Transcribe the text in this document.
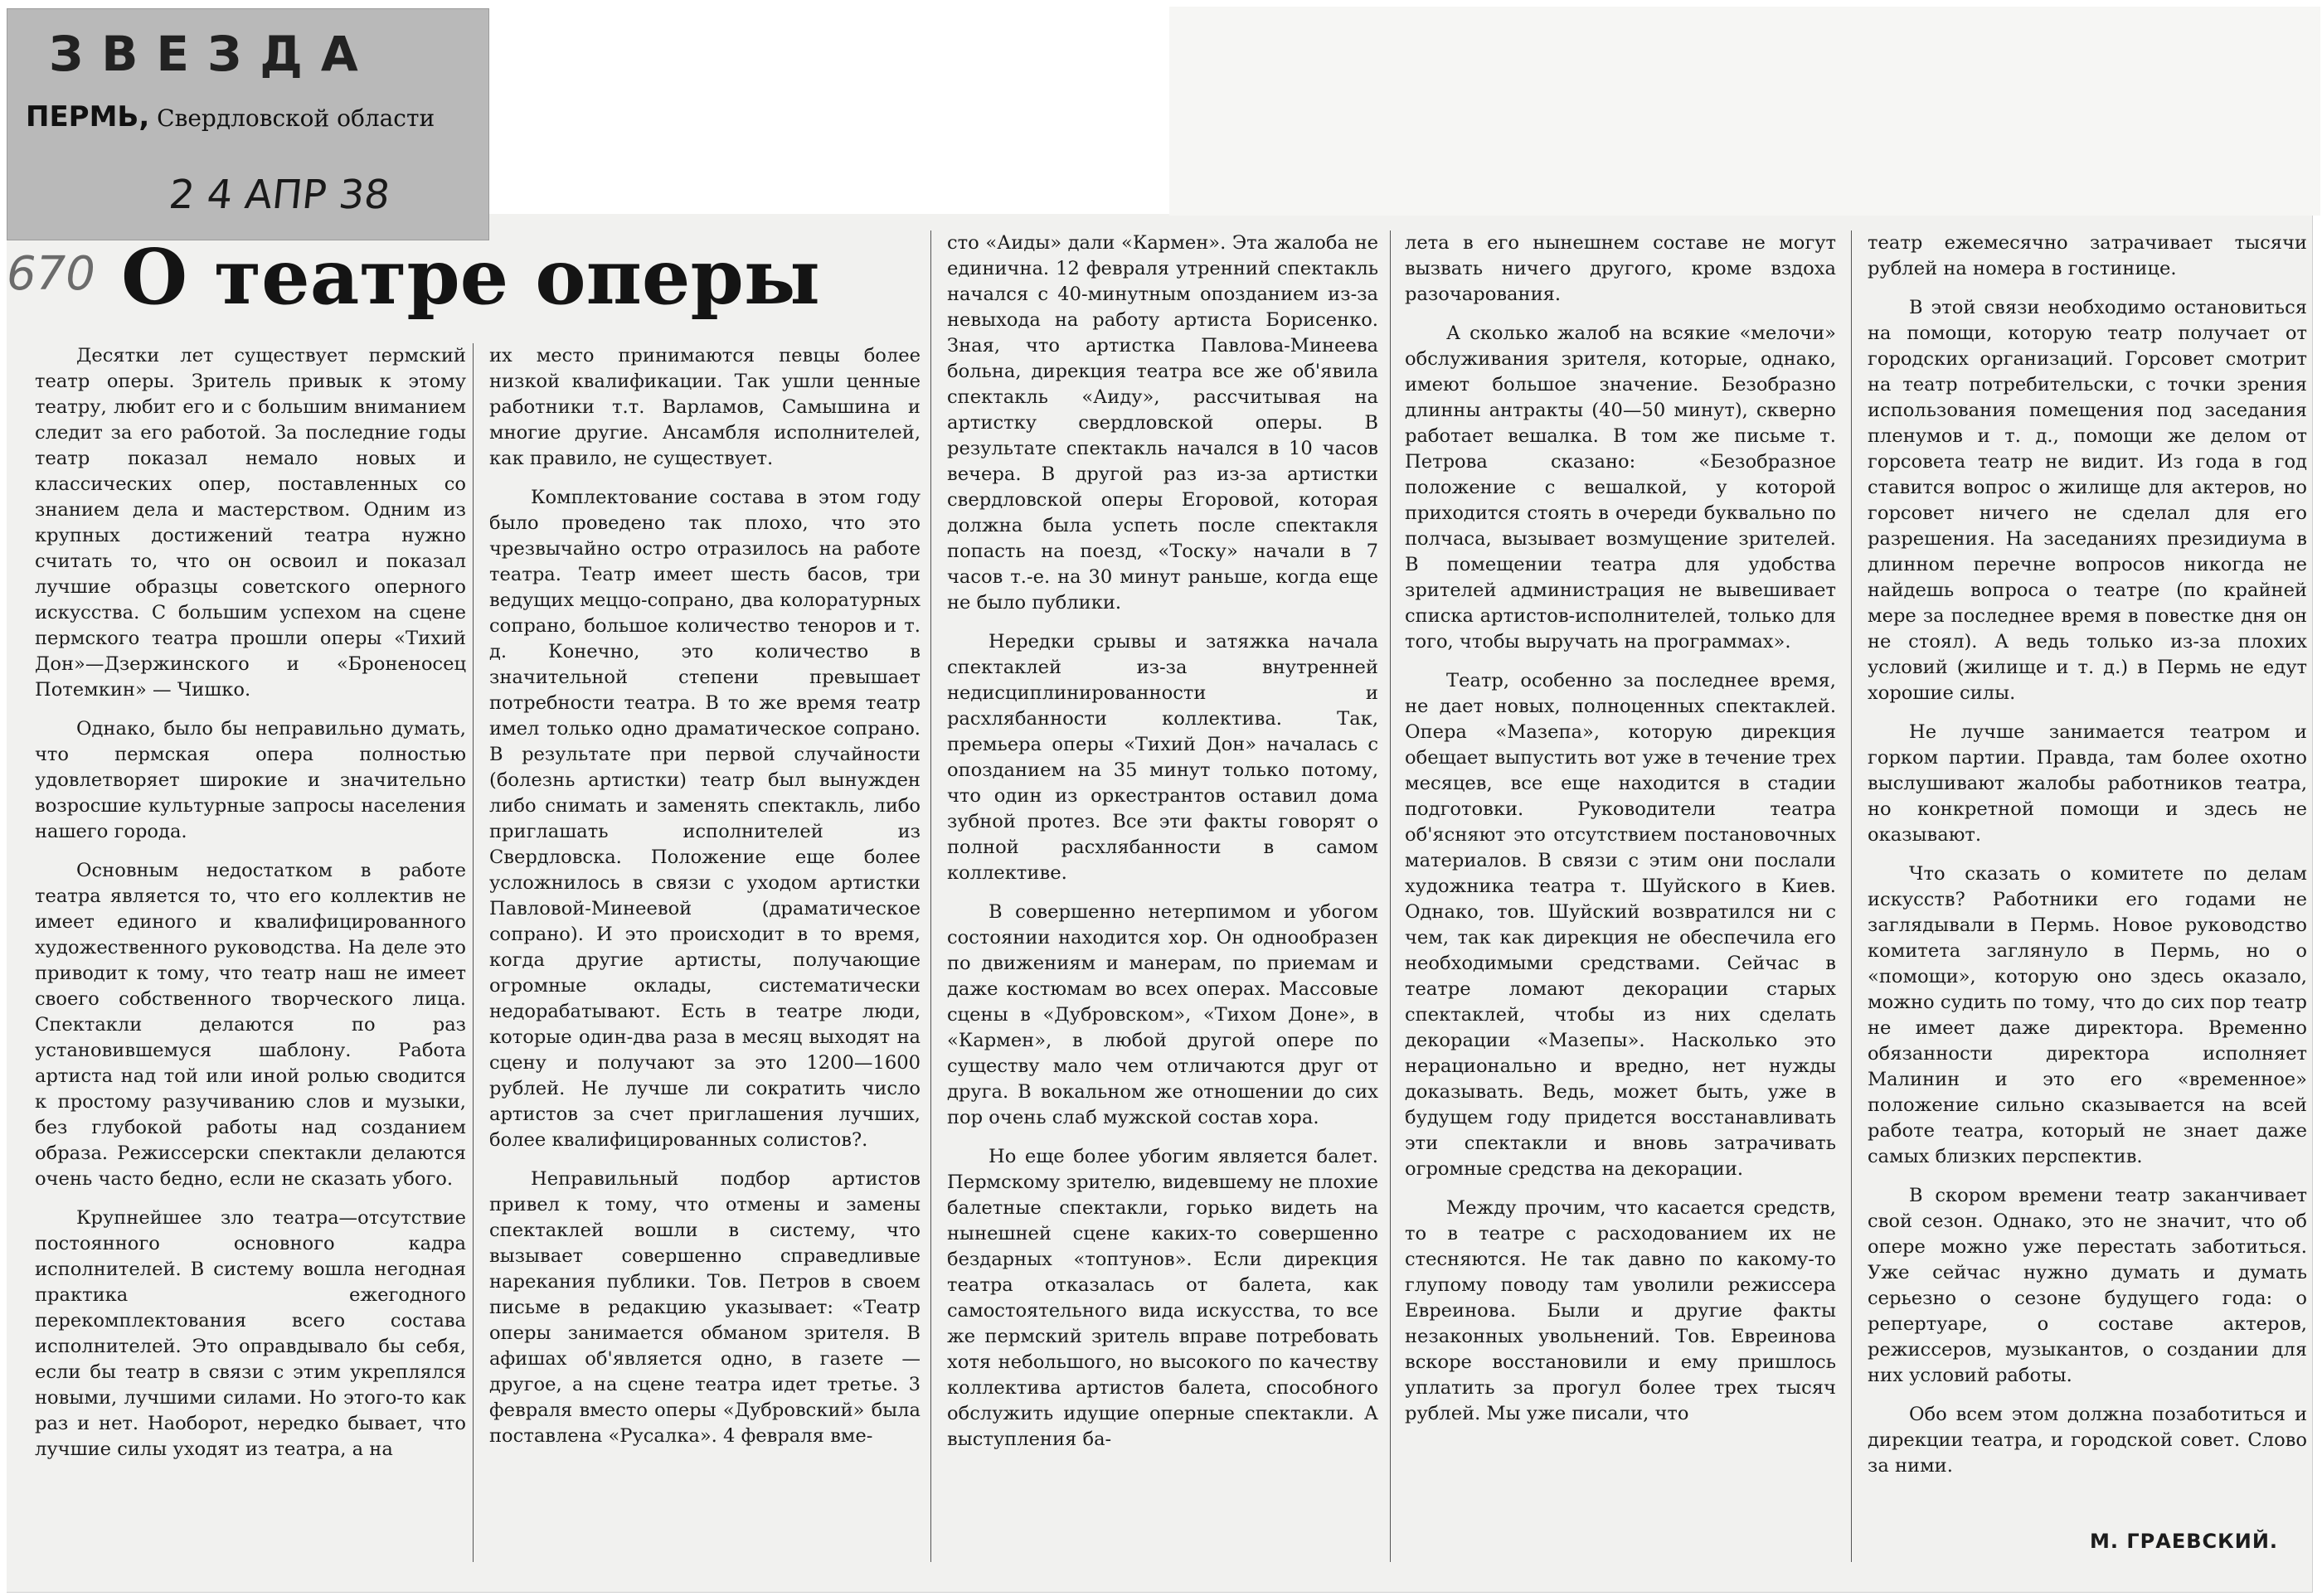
ЗВЕЗДА
ПЕРМЬ, Свердловской области
2 4 АПР 38
670 О театре оперы

Десятки лет существует пермский театр оперы. Зритель привык к этому театру, любит его и с большим вниманием следит за его работой. За последние годы театр показал немало новых и классических опер, поставленных со знанием дела и мастерством. Одним из крупных достижений театра нужно считать то, что он освоил и показал лучшие образцы советского оперного искусства. С большим успехом на сцене пермского театра прошли оперы «Тихий Дон»—Дзержинского и «Броненосец Потемкин» — Чишко.

Однако, было бы неправильно думать, что пермская опера полностью удовлетворяет широкие и значительно возросшие культурные запросы населения нашего города.

Основным недостатком в работе театра является то, что его коллектив не имеет единого и квалифицированного художественного руководства. На деле это приводит к тому, что театр наш не имеет своего собственного творческого лица. Спектакли делаются по раз установившемуся шаблону. Работа артиста над той или иной ролью сводится к простому разучиванию слов и музыки, без глубокой работы над созданием образа. Режиссерски спектакли делаются очень часто бедно, если не сказать убого.

Крупнейшее зло театра—отсутствие постоянного основного кадра исполнителей. В систему вошла негодная практика ежегодного перекомплектования всего состава исполнителей. Это оправдывало бы себя, если бы театр в связи с этим укреплялся новыми, лучшими силами. Но этого-то как раз и нет. Наоборот, нередко бывает, что лучшие силы уходят из театра, а на

их место принимаются певцы более низкой квалификации. Так ушли ценные работники т.т. Варламов, Самышина и многие другие. Ансамбля исполнителей, как правило, не существует.

Комплектование состава в этом году было проведено так плохо, что это чрезвычайно остро отразилось на работе театра. Театр имеет шесть басов, три ведущих меццо-сопрано, два колоратурных сопрано, большое количество теноров и т. д. Конечно, это количество в значительной степени превышает потребности театра. В то же время театр имел только одно драматическое сопрано. В результате при первой случайности (болезнь артистки) театр был вынужден либо снимать и заменять спектакль, либо приглашать исполнителей из Свердловска. Положение еще более усложнилось в связи с уходом артистки Павловой-Минеевой (драматическое сопрано). И это происходит в то время, когда другие артисты, получающие огромные оклады, систематически недорабатывают. Есть в театре люди, которые один-два раза в месяц выходят на сцену и получают за это 1200—1600 рублей. Не лучше ли сократить число артистов за счет приглашения лучших, более квалифицированных солистов?.

Неправильный подбор артистов привел к тому, что отмены и замены спектаклей вошли в систему, что вызывает совершенно справедливые нарекания публики. Тов. Петров в своем письме в редакцию указывает: «Театр оперы занимается обманом зрителя. В афишах об'является одно, в газете — другое, а на сцене театра идет третье. 3 февраля вместо оперы «Дубровский» была поставлена «Русалка». 4 февраля вме-

сто «Аиды» дали «Кармен». Эта жалоба не единична. 12 февраля утренний спектакль начался с 40-минутным опозданием из-за невыхода на работу артиста Борисенко. Зная, что артистка Павлова-Минеева больна, дирекция театра все же об'явила спектакль «Аиду», рассчитывая на артистку свердловской оперы. В результате спектакль начался в 10 часов вечера. В другой раз из-за артистки свердловской оперы Егоровой, которая должна была успеть после спектакля попасть на поезд, «Тоску» начали в 7 часов т.-е. на 30 минут раньше, когда еще не было публики.

Нередки срывы и затяжка начала спектаклей из-за внутренней недисциплинированности и расхлябанности коллектива. Так, премьера оперы «Тихий Дон» началась с опозданием на 35 минут только потому, что один из оркестрантов оставил дома зубной протез. Все эти факты говорят о полной расхлябанности в самом коллективе.

В совершенно нетерпимом и убогом состоянии находится хор. Он однообразен по движениям и манерам, по приемам и даже костюмам во всех операх. Массовые сцены в «Дубровском», «Тихом Доне», в «Кармен», в любой другой опере по существу мало чем отличаются друг от друга. В вокальном же отношении до сих пор очень слаб мужской состав хора.

Но еще более убогим является балет. Пермскому зрителю, видевшему не плохие балетные спектакли, горько видеть на нынешней сцене каких-то совершенно бездарных «топтунов». Если дирекция театра отказалась от балета, как самостоятельного вида искусства, то все же пермский зритель вправе потребовать хотя небольшого, но высокого по качеству коллектива артистов балета, способного обслужить идущие оперные спектакли. А выступления ба-

лета в его нынешнем составе не могут вызвать ничего другого, кроме вздоха разочарования.

А сколько жалоб на всякие «мелочи» обслуживания зрителя, которые, однако, имеют большое значение. Безобразно длинны антракты (40—50 минут), скверно работает вешалка. В том же письме т. Петрова сказано: «Безобразное положение с вешалкой, у которой приходится стоять в очереди буквально по полчаса, вызывает возмущение зрителей. В помещении театра для удобства зрителей администрация не вывешивает списка артистов-исполнителей, только для того, чтобы выручать на программах».

Театр, особенно за последнее время, не дает новых, полноценных спектаклей. Опера «Мазепа», которую дирекция обещает выпустить вот уже в течение трех месяцев, все еще находится в стадии подготовки. Руководители театра об'ясняют это отсутствием постановочных материалов. В связи с этим они послали художника театра т. Шуйского в Киев. Однако, тов. Шуйский возвратился ни с чем, так как дирекция не обеспечила его необходимыми средствами. Сейчас в театре ломают декорации старых спектаклей, чтобы из них сделать декорации «Мазепы». Насколько это нерационально и вредно, нет нужды доказывать. Ведь, может быть, уже в будущем году придется восстанавливать эти спектакли и вновь затрачивать огромные средства на декорации.

Между прочим, что касается средств, то в театре с расходованием их не стесняются. Не так давно по какому-то глупому поводу там уволили режиссера Евреинова. Были и другие факты незаконных увольнений. Тов. Евреинова вскоре восстановили и ему пришлось уплатить за прогул более трех тысяч рублей. Мы уже писали, что

театр ежемесячно затрачивает тысячи рублей на номера в гостинице.

В этой связи необходимо остановиться на помощи, которую театр получает от городских организаций. Горсовет смотрит на театр потребительски, с точки зрения использования помещения под заседания пленумов и т. д., помощи же делом от горсовета театр не видит. Из года в год ставится вопрос о жилище для актеров, но горсовет ничего не сделал для его разрешения. На заседаниях президиума в длинном перечне вопросов никогда не найдешь вопроса о театре (по крайней мере за последнее время в повестке дня он не стоял). А ведь только из-за плохих условий (жилище и т. д.) в Пермь не едут хорошие силы.

Не лучше занимается театром и горком партии. Правда, там более охотно выслушивают жалобы работников театра, но конкретной помощи и здесь не оказывают.

Что сказать о комитете по делам искусств? Работники его годами не заглядывали в Пермь. Новое руководство комитета заглянуло в Пермь, но о «помощи», которую оно здесь оказало, можно судить по тому, что до сих пор театр не имеет даже директора. Временно обязанности директора исполняет Малинин и это его «временное» положение сильно сказывается на всей работе театра, который не знает даже самых близких перспектив.

В скором времени театр заканчивает свой сезон. Однако, это не значит, что об опере можно уже перестать заботиться. Уже сейчас нужно думать и думать серьезно о сезоне будущего года: о репертуаре, о составе актеров, режиссеров, музыкантов, о создании для них условий работы.

Обо всем этом должна позаботиться и дирекции театра, и городской совет. Слово за ними.

М. ГРАЕВСКИЙ.
